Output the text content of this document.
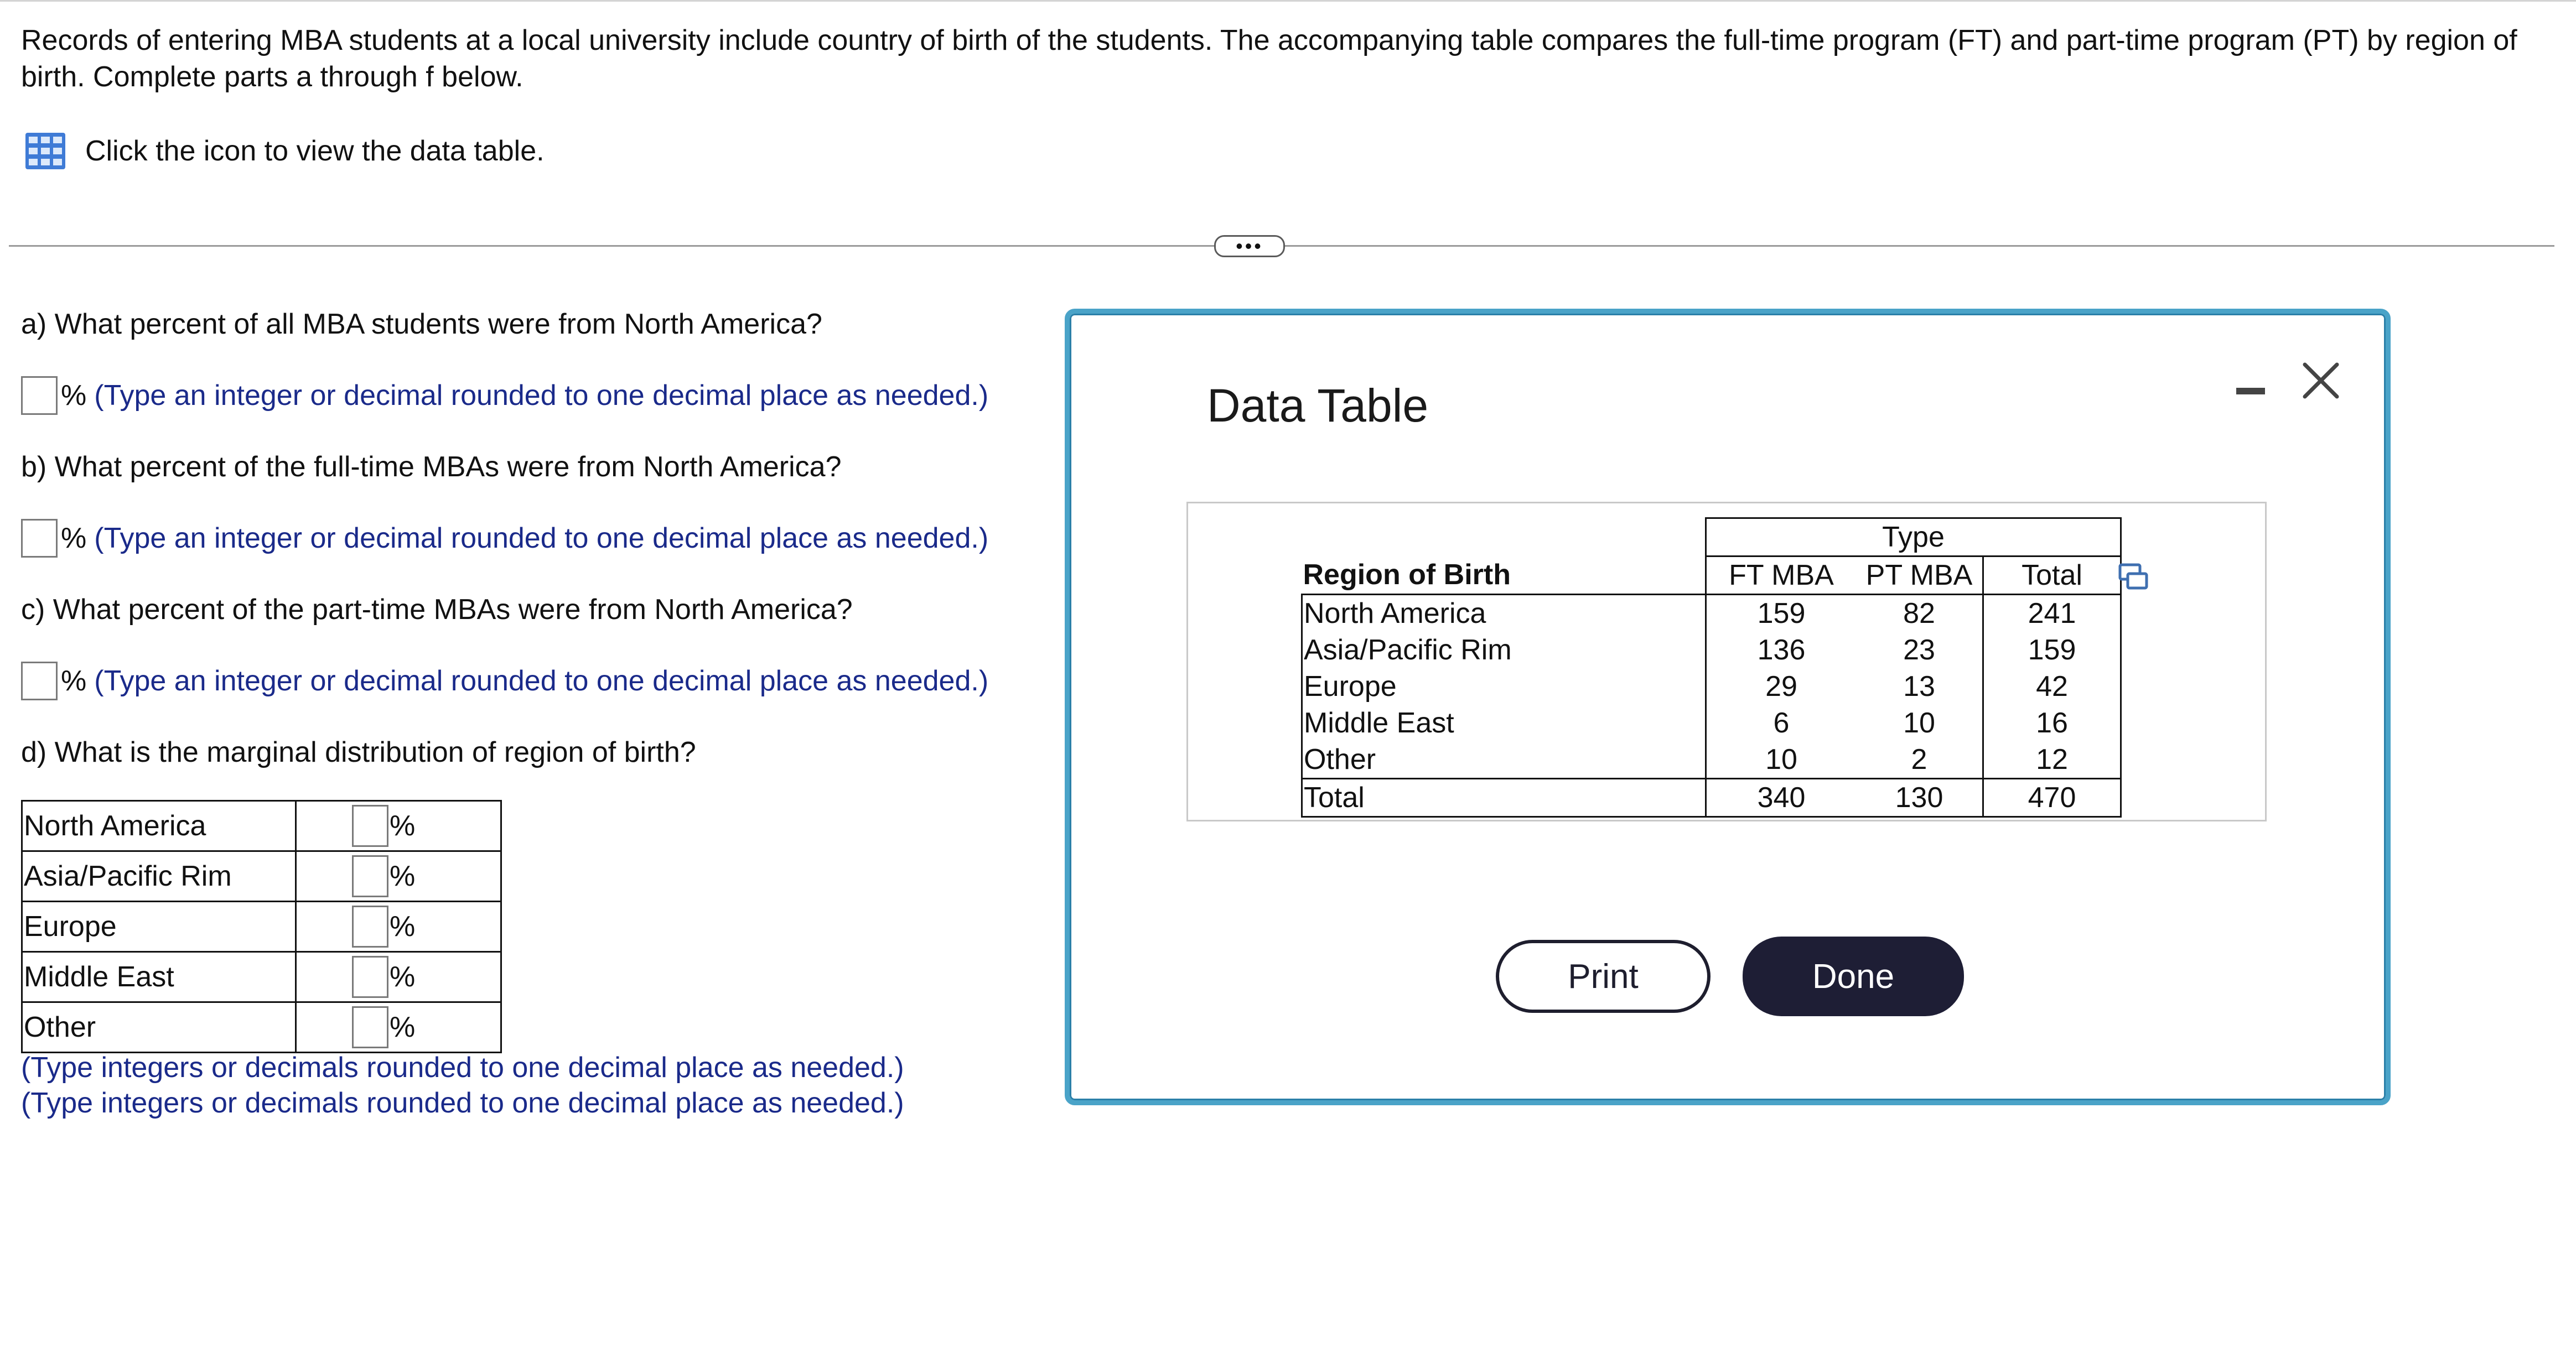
Records of entering MBA students at a local university include country of birth of the students. The accompanying table compares the full-time program (FT) and part-time program (PT) by region of birth. Complete parts a through f below.
Click the icon to view the data table.
•••
a) What percent of all MBA students were from North America?
% (Type an integer or decimal rounded to one decimal place as needed.)
b) What percent of the full-time MBAs were from North America?
% (Type an integer or decimal rounded to one decimal place as needed.)
c) What percent of the part-time MBAs were from North America?
% (Type an integer or decimal rounded to one decimal place as needed.)
d) What is the marginal distribution of region of birth?
North America	%

Asia/Pacific Rim	%

Europe	%

Middle East	%

Other	%
(Type integers or decimals rounded to one decimal place as needed.)
(Type integers or decimals rounded to one decimal place as needed.)
Data Table
	Type		
Region of Birth	FT MBA	PT MBA	Total
North America	159	82	241
Asia/Pacific Rim	136	23	159
Europe	29	13	42
Middle East	6	10	16
Other	10	2	12
Total	340	130	470
Print	Done
